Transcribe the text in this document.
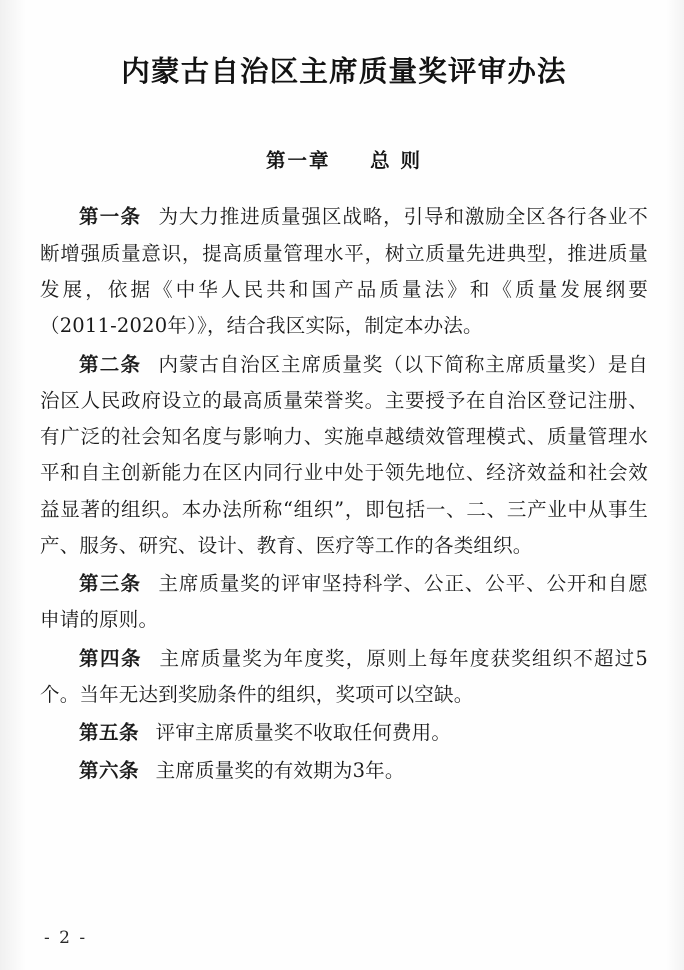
内蒙古自治区主席质量奖评审办法
第一章 总 则

第一条 为大力推进质量强区战略，引导和激励全区各行各业不断增强质量意识，提高质量管理水平，树立质量先进典型，推进质量发展，依据《中华人民共和国产品质量法》和《质量发展纲要（2011-2020年）》，结合我区实际，制定本办法。

第二条 内蒙古自治区主席质量奖（以下简称主席质量奖）是自治区人民政府设立的最高质量荣誉奖。主要授予在自治区登记注册、有广泛的社会知名度与影响力、实施卓越绩效管理模式、质量管理水平和自主创新能力在区内同行业中处于领先地位、经济效益和社会效益显著的组织。本办法所称“组织”，即包括一、二、三产业中从事生产、服务、研究、设计、教育、医疗等工作的各类组织。

第三条 主席质量奖的评审坚持科学、公正、公平、公开和自愿申请的原则。

第四条 主席质量奖为年度奖，原则上每年度获奖组织不超过5个。当年无达到奖励条件的组织，奖项可以空缺。

第五条 评审主席质量奖不收取任何费用。

第六条 主席质量奖的有效期为3年。

- 2 -
